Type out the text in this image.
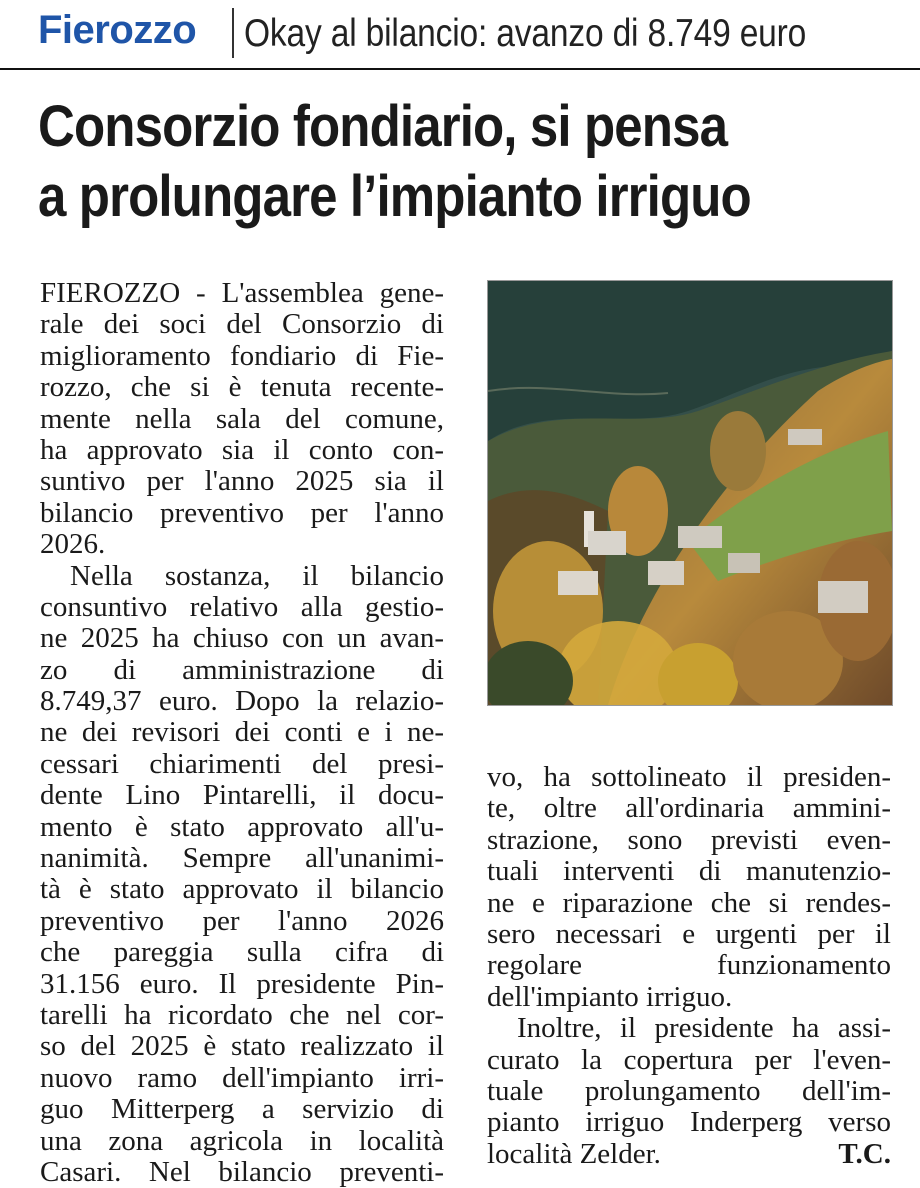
Fierozzo Okay al bilancio: avanzo di 8.749 euro
Consorzio fondiario, si pensa
a prolungare l’impianto irriguo
FIEROZZO - L'assemblea gene-
rale dei soci del Consorzio di
miglioramento fondiario di Fie-
rozzo, che si è tenuta recente-
mente nella sala del comune,
ha approvato sia il conto con-
suntivo per l'anno 2025 sia il
bilancio preventivo per l'anno
2026.
Nella sostanza, il bilancio
consuntivo relativo alla gestio-
ne 2025 ha chiuso con un avan-
zo di amministrazione di
8.749,37 euro. Dopo la relazio-
ne dei revisori dei conti e i ne-
cessari chiarimenti del presi-
dente Lino Pintarelli, il docu-
mento è stato approvato all'u-
nanimità. Sempre all'unanimi-
tà è stato approvato il bilancio
preventivo per l'anno 2026
che pareggia sulla cifra di
31.156 euro. Il presidente Pin-
tarelli ha ricordato che nel cor-
so del 2025 è stato realizzato il
nuovo ramo dell'impianto irri-
guo Mitterperg a servizio di
una zona agricola in località
Casari. Nel bilancio preventi-
vo, ha sottolineato il presiden-
te, oltre all'ordinaria ammini-
strazione, sono previsti even-
tuali interventi di manutenzio-
ne e riparazione che si rendes-
sero necessari e urgenti per il
regolare funzionamento
dell'impianto irriguo.
Inoltre, il presidente ha assi-
curato la copertura per l'even-
tuale prolungamento dell'im-
pianto irriguo Inderperg verso
località Zelder.	T.C.
